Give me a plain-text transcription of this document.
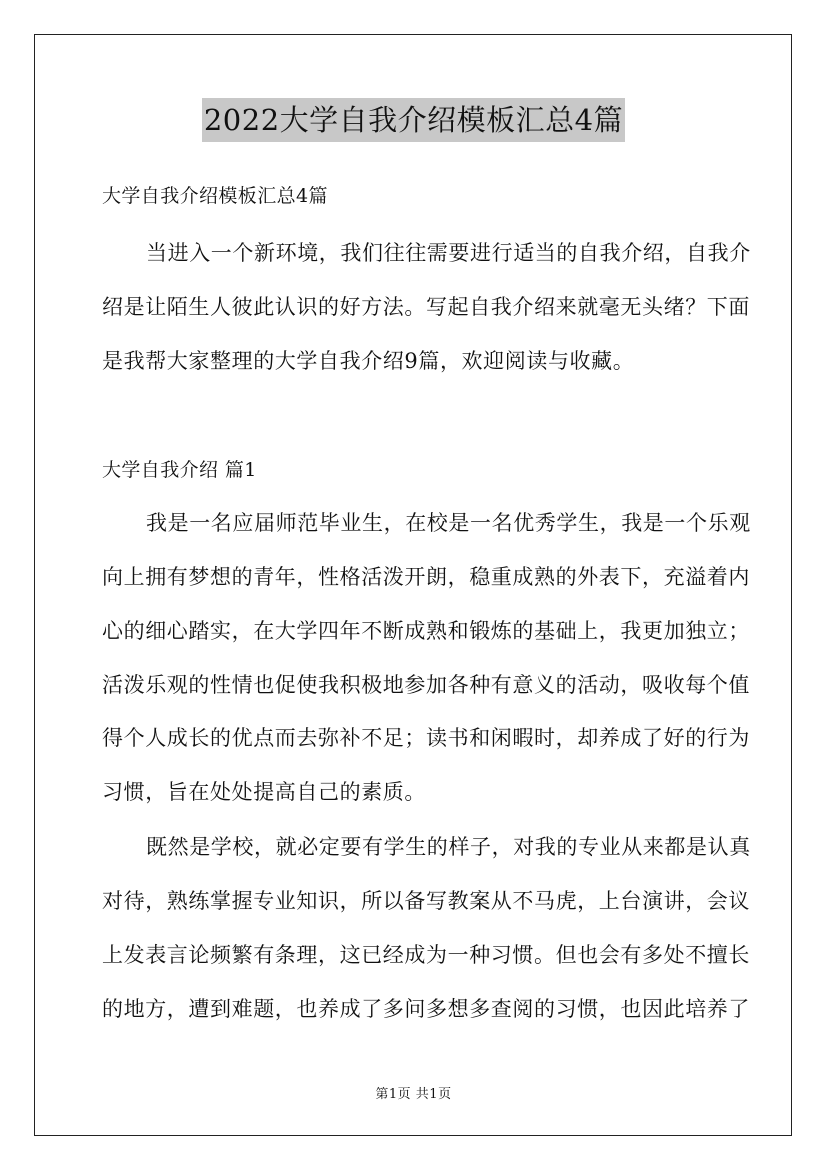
2022大学自我介绍模板汇总4篇
大学自我介绍模板汇总4篇
当进入一个新环境，我们往往需要进行适当的自我介绍，自我介
绍是让陌生人彼此认识的好方法。写起自我介绍来就毫无头绪？下面
是我帮大家整理的大学自我介绍9篇，欢迎阅读与收藏。
大学自我介绍 篇1
我是一名应届师范毕业生，在校是一名优秀学生，我是一个乐观
向上拥有梦想的青年，性格活泼开朗，稳重成熟的外表下，充溢着内
心的细心踏实，在大学四年不断成熟和锻炼的基础上，我更加独立；
活泼乐观的性情也促使我积极地参加各种有意义的活动，吸收每个值
得个人成长的优点而去弥补不足；读书和闲暇时，却养成了好的行为
习惯，旨在处处提高自己的素质。
既然是学校，就必定要有学生的样子，对我的专业从来都是认真
对待，熟练掌握专业知识，所以备写教案从不马虎，上台演讲，会议
上发表言论频繁有条理，这已经成为一种习惯。但也会有多处不擅长
的地方，遭到难题，也养成了多问多想多查阅的习惯，也因此培养了
第1页 共1页
